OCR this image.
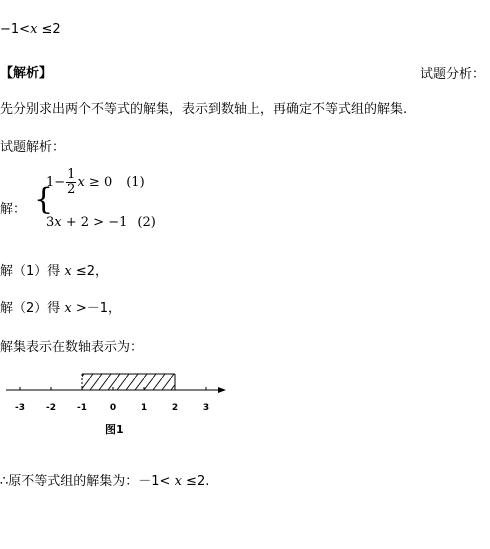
−1<x ≤2
【解析】	试题分析：
先分别求出两个不等式的解集，表示到数轴上，再确定不等式组的解集.
试题解析：
解： {
$1- \frac{1}{2}$ x ≥ 0 (1)
3x + 2 > −1 (2)
解（1）得 x ≤2，
解（2）得 x >－1，
解集表示在数轴表示为：
-3 -2 -1	0	1	2	3
图1
∴原不等式组的解集为：－1< x ≤2.
